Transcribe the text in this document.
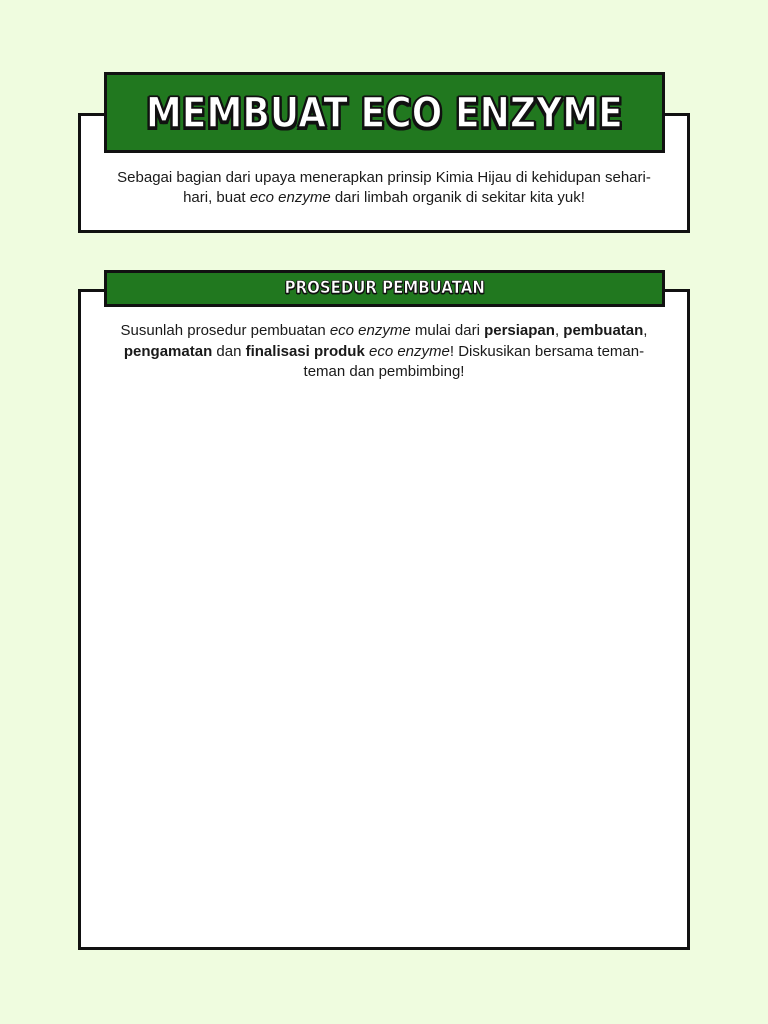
Sebagai bagian dari upaya menerapkan prinsip Kimia Hijau di kehidupan sehari-hari, buat eco enzyme dari limbah organik di sekitar kita yuk!

MEMBUAT ECO ENZYME

Susunlah prosedur pembuatan eco enzyme mulai dari persiapan, pembuatan, pengamatan dan finalisasi produk eco enzyme! Diskusikan bersama teman-teman dan pembimbing!

PROSEDUR PEMBUATAN
